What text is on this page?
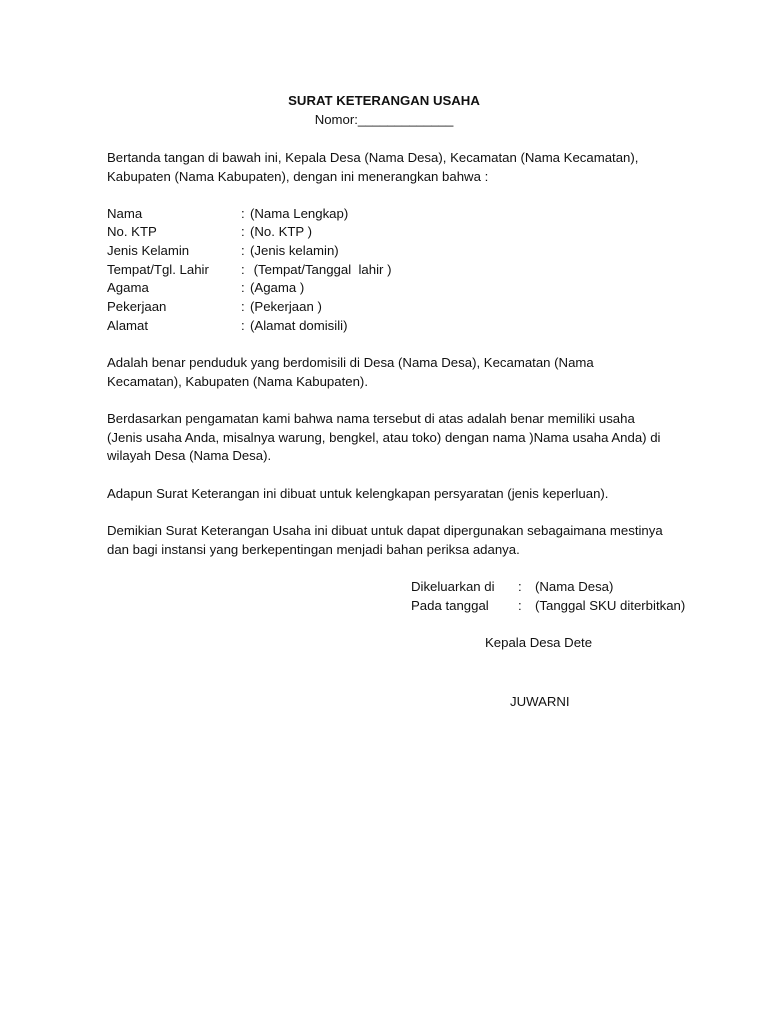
SURAT KETERANGAN USAHA
Nomor:_____________

Bertanda tangan di bawah ini, Kepala Desa (Nama Desa), Kecamatan (Nama Kecamatan),
Kabupaten (Nama Kabupaten), dengan ini menerangkan bahwa :

Nama	: (Nama Lengkap)
No. KTP	: (No. KTP )
Jenis Kelamin	: (Jenis kelamin)
Tempat/Tgl. Lahir : (Tempat/Tanggal  lahir )
Agama	: (Agama )
Pekerjaan	: (Pekerjaan )
Alamat	: (Alamat domisili)

Adalah benar penduduk yang berdomisili di Desa (Nama Desa), Kecamatan (Nama
Kecamatan), Kabupaten (Nama Kabupaten).

Berdasarkan pengamatan kami bahwa nama tersebut di atas adalah benar memiliki usaha
(Jenis usaha Anda, misalnya warung, bengkel, atau toko) dengan nama )Nama usaha Anda) di
wilayah Desa (Nama Desa).

Adapun Surat Keterangan ini dibuat untuk kelengkapan persyaratan (jenis keperluan).

Demikian Surat Keterangan Usaha ini dibuat untuk dapat dipergunakan sebagaimana mestinya
dan bagi instansi yang berkepentingan menjadi bahan periksa adanya.

Dikeluarkan di : (Nama Desa)
Pada tanggal : (Tanggal SKU diterbitkan)
Kepala Desa Dete
JUWARNI
